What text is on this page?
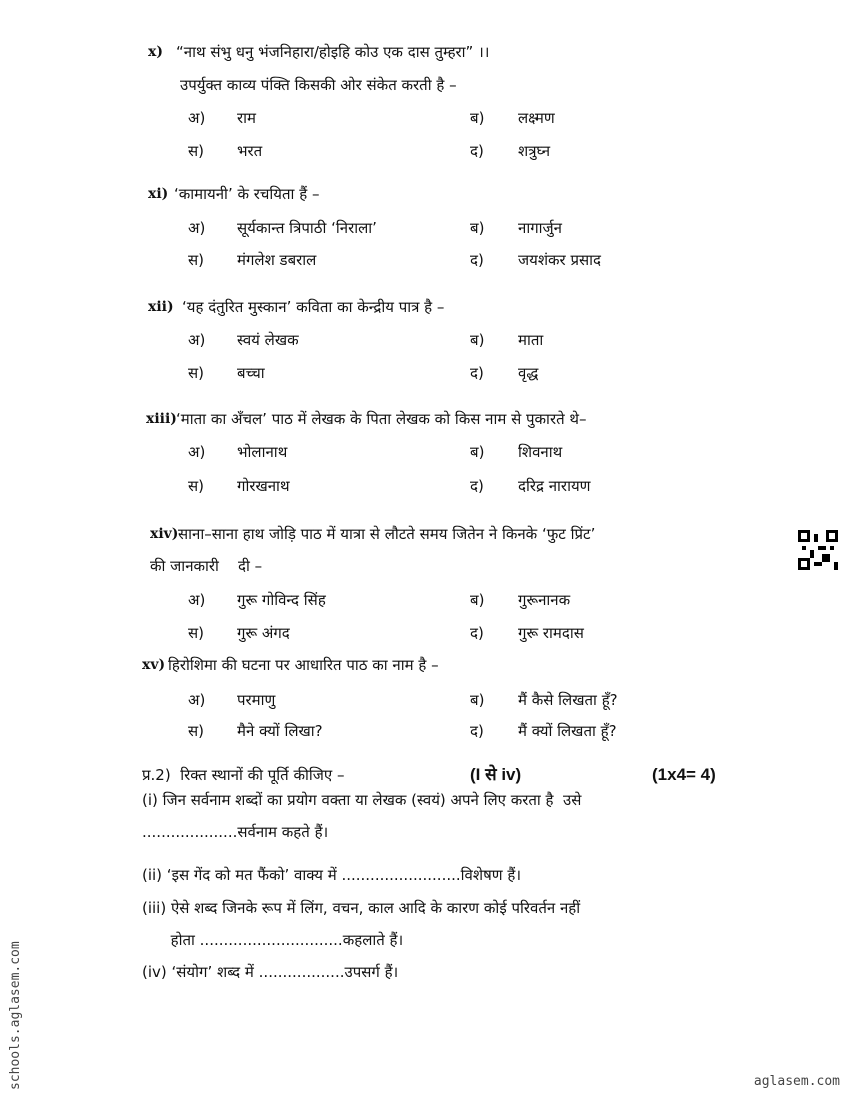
x) “नाथ संभु धनु भंजनिहारा/होइहि कोउ एक दास तुम्हरा” ।।
उपर्युक्त काव्य पंक्ति किसकी ओर संकेत करती है –
अ) राम	ब) लक्ष्मण
स) भरत	द) शत्रुघ्न
xi) ‘कामायनी’ के रचयिता हैं –
अ) सूर्यकान्त त्रिपाठी ‘निराला’	ब) नागार्जुन
स) मंगलेश डबराल	द) जयशंकर प्रसाद
xii) ‘यह दंतुरित मुस्कान’ कविता का केन्द्रीय पात्र है –
अ) स्वयं लेखक	ब) माता
स) बच्चा	द) वृद्ध
xiii) ‘माता का अँचल’ पाठ में लेखक के पिता लेखक को किस नाम से पुकारते थे–
अ) भोलानाथ	ब) शिवनाथ
स) गोरखनाथ	द) दरिद्र नारायण
xiv) साना–साना हाथ जोड़ि पाठ में यात्रा से लौटते समय जितेन ने किनके ‘फुट प्रिंट’
की जानकारी    दी –
अ) गुरू गोविन्द सिंह	ब) गुरूनानक
स) गुरू अंगद	द) गुरू रामदास
xv) हिरोशिमा की घटना पर आधारित पाठ का नाम है –
अ) परमाणु	ब) मैं कैसे लिखता हूँ?
स) मैने क्यों लिखा?	द) मैं क्यों लिखता हूँ?
प्र.2)  रिक्त स्थानों की पूर्ति कीजिए –	(I से iv)	(1x4= 4)
(i) जिन सर्वनाम शब्दों का प्रयोग वक्ता या लेखक (स्वयं) अपने लिए करता है  उसे
....................सर्वनाम कहते हैं।
(ii) ‘इस गेंद को मत फैंको’ वाक्य में .........................विशेषण हैं।
(iii) ऐसे शब्द जिनके रूप में लिंग, वचन, काल आदि के कारण कोई परिवर्तन नहीं
होता ..............................कहलाते हैं।
(iv) ‘संयोग’ शब्द में ..................उपसर्ग हैं।
schools.aglasem.com	aglasem.com
